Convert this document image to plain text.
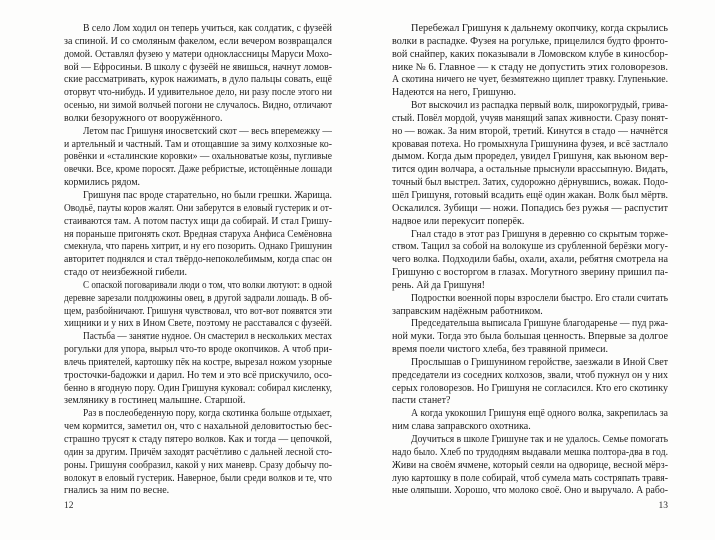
В село Лом ходил он теперь учиться, как солдатик, с фузеёй
за спиной. И со смоляным факелом, если вечером возвращался
домой. Оставлял фузею у матери одноклассницы Маруси Мохо-
вой — Ефросиньи. В школу с фузеёй не явишься, начнут ломов-
ские рассматривать, курок нажимать, в дуло пальцы совать, ещё
оторвут что-нибудь. И удивительное дело, ни разу после этого ни
осенью, ни зимой волчьей погони не случалось. Видно, отличают
волки безоружного от вооружённого.
Летом пас Гришуня иносветский скот — весь вперемежку —
и артельный и частный. Там и отощавшие за зиму колхозные ко-
ровёнки и «сталинские коровки» — охальноватые козы, пугливые
овечки. Все, кроме поросят. Даже ребристые, истощённые лошади
кормились рядом.
Гришуня пас вроде старательно, но были грешки. Жарища.
Оводьё, пауты коров жалят. Они заберутся в еловый густерик и от-
стаиваются там. А потом пастух ищи да собирай. И стал Гришу-
ня пораньше пригонять скот. Вредная старуха Анфиса Семёновна
смекнула, что парень хитрит, и ну его позорить. Однако Гришунин
авторитет поднялся и стал твёрдо-непоколебимым, когда спас он
стадо от неизбежной гибели.
С опаской поговаривали люди о том, что волки лютуют: в одной
деревне зарезали полдюжины овец, в другой задрали лошадь. В об-
щем, разбойничают. Гришуня чувствовал, что вот-вот появятся эти
хищники и у них в Ином Свете, поэтому не расставался с фузеёй.
Пастьба — занятие нудное. Он смастерил в нескольких местах
рогульки для упора, вырыл что-то вроде окопчиков. А чтоб при-
влечь приятелей, картошку пёк на костре, вырезал ножом узорные
тросточки-бадожки и дарил. Но тем и это всё прискучило, осо-
бенно в ягодную пору. Один Гришуня куковал: собирал кисленку,
землянику в гостинец малышне. Старшой.
Раз в послеобеденную пору, когда скотинка больше отдыхает,
чем кормится, заметил он, что с нахальной деловитостью бес-
страшно трусят к стаду пятеро волков. Как и тогда — цепочкой,
один за другим. Причём заходят расчётливо с дальней лесной сто-
роны. Гришуня сообразил, какой у них маневр. Сразу добычу по-
волокут в еловый густерик. Наверное, были среди волков и те, что
гнались за ним по весне.
12
Перебежал Гришуня к дальнему окопчику, когда скрылись
волки в распадке. Фузея на рогульке, прицелился будто фронто-
вой снайпер, каких показывали в Ломовском клубе в киносбор-
нике № 6. Главное — к стаду не допустить этих головорезов.
А скотина ничего не чует, безмятежно щиплет травку. Глупенькие.
Надеются на него, Гришуню.
Вот выскочил из распадка первый волк, широкогрудый, грива-
стый. Повёл мордой, учуяв манящий запах живности. Сразу понят-
но — вожак. За ним второй, третий. Кинутся в стадо — начнётся
кровавая потеха. Но громыхнула Гришунина фузея, и всё застлало
дымом. Когда дым проредел, увидел Гришуня, как вьюном вер-
тится один волчара, а остальные прыснули врассыпную. Видать,
точный был выстрел. Затих, судорожно дёрнувшись, вожак. Подо-
шёл Гришуня, готовый всадить ещё один жакан. Волк был мёртв.
Оскалился. Зубищи — ножи. Попадись без ружья — распустит
надвое или перекусит поперёк.
Гнал стадо в этот раз Гришуня в деревню со скрытым торже-
ством. Тащил за собой на волокуше из срубленной берёзки могу-
чего волка. Подходили бабы, охали, ахали, ребятня смотрела на
Гришуню с восторгом в глазах. Могутного зверину пришил па-
рень. Ай да Гришуня!
Подростки военной поры взрослели быстро. Его стали считать
заправским надёжным работником.
Председательша выписала Гришуне благодаренье — пуд ржа-
ной муки. Тогда это была большая ценность. Впервые за долгое
время поели чистого хлеба, без травяной примеси.
Прослышав о Гришунином геройстве, заезжали в Иной Свет
председатели из соседних колхозов, звали, чтоб пужнул он у них
серых головорезов. Но Гришуня не согласился. Кто его скотинку
пасти станет?
А когда укокошил Гришуня ещё одного волка, закрепилась за
ним слава заправского охотника.
Доучиться в школе Гришуне так и не удалось. Семье помогать
надо было. Хлеб по трудодням выдавали мешка полтора-два в год.
Живи на своём ячмене, который сеяли на одворице, весной мёрз-
лую картошку в поле собирай, чтоб сумела мать состряпать травя-
ные оляпыши. Хорошо, что молоко своё. Оно и выручало. А рабо-
13
